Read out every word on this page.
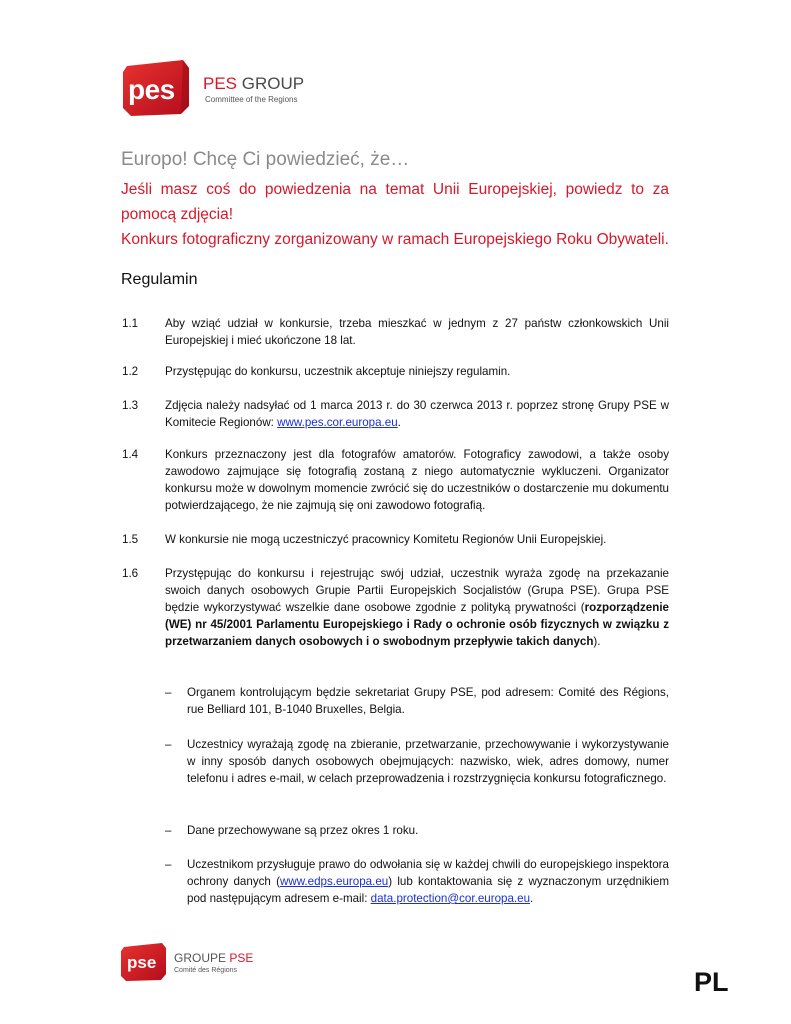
pes PES GROUP
Committee of the Regions
Europo! Chcę Ci powiedzieć, że…

Jeśli masz coś do powiedzenia na temat Unii Europejskiej, powiedz to za pomocą zdjęcia!

Konkurs fotograficzny zorganizowany w ramach Europejskiego Roku Obywateli.

Regulamin
1.1 Aby wziąć udział w konkursie, trzeba mieszkać w jednym z 27 państw członkowskich Unii Europejskiej i mieć ukończone 18 lat.
1.2 Przystępując do konkursu, uczestnik akceptuje niniejszy regulamin.
1.3 Zdjęcia należy nadsyłać od 1 marca 2013 r. do 30 czerwca 2013 r. poprzez stronę Grupy PSE w Komitecie Regionów: www.pes.cor.europa.eu.
1.4 Konkurs przeznaczony jest dla fotografów amatorów. Fotograficy zawodowi, a także osoby zawodowo zajmujące się fotografią zostaną z niego automatycznie wykluczeni. Organizator konkursu może w dowolnym momencie zwrócić się do uczestników o dostarczenie mu dokumentu potwierdzającego, że nie zajmują się oni zawodowo fotografią.
1.5 W konkursie nie mogą uczestniczyć pracownicy Komitetu Regionów Unii Europejskiej.
1.6 Przystępując do konkursu i rejestrując swój udział, uczestnik wyraża zgodę na przekazanie swoich danych osobowych Grupie Partii Europejskich Socjalistów (Grupa PSE). Grupa PSE będzie wykorzystywać wszelkie dane osobowe zgodnie z polityką prywatności (rozporządzenie (WE) nr 45/2001 Parlamentu Europejskiego i Rady o ochronie osób fizycznych w związku z przetwarzaniem danych osobowych i o swobodnym przepływie takich danych).
– Organem kontrolującym będzie sekretariat Grupy PSE, pod adresem: Comité des Régions, rue Belliard 101, B-1040 Bruxelles, Belgia.
– Uczestnicy wyrażają zgodę na zbieranie, przetwarzanie, przechowywanie i wykorzystywanie w inny sposób danych osobowych obejmujących: nazwisko, wiek, adres domowy, numer telefonu i adres e-mail, w celach przeprowadzenia i rozstrzygnięcia konkursu fotograficznego.
– Dane przechowywane są przez okres 1 roku.
– Uczestnikom przysługuje prawo do odwołania się w każdej chwili do europejskiego inspektora ochrony danych (www.edps.europa.eu) lub kontaktowania się z wyznaczonym urzędnikiem pod następującym adresem e-mail: data.protection@cor.europa.eu.
pse GROUPE PSE
Comité des Régions	PL
